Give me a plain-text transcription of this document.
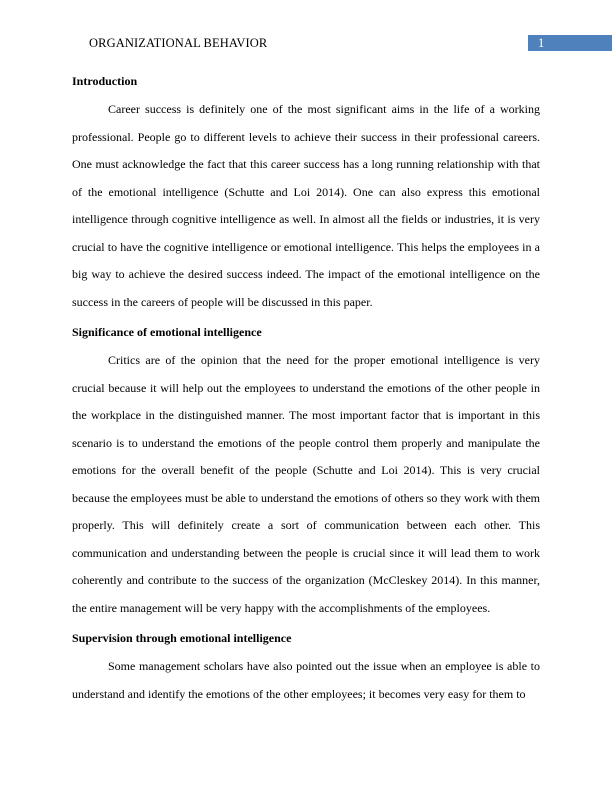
ORGANIZATIONAL BEHAVIOR	1

Introduction

Career success is definitely one of the most significant aims in the life of a working professional. People go to different levels to achieve their success in their professional careers. One must acknowledge the fact that this career success has a long running relationship with that of the emotional intelligence (Schutte and Loi 2014). One can also express this emotional intelligence through cognitive intelligence as well. In almost all the fields or industries, it is very crucial to have the cognitive intelligence or emotional intelligence. This helps the employees in a big way to achieve the desired success indeed. The impact of the emotional intelligence on the success in the careers of people will be discussed in this paper.

Significance of emotional intelligence

Critics are of the opinion that the need for the proper emotional intelligence is very crucial because it will help out the employees to understand the emotions of the other people in the workplace in the distinguished manner. The most important factor that is important in this scenario is to understand the emotions of the people control them properly and manipulate the emotions for the overall benefit of the people (Schutte and Loi 2014). This is very crucial because the employees must be able to understand the emotions of others so they work with them properly. This will definitely create a sort of communication between each other. This communication and understanding between the people is crucial since it will lead them to work coherently and contribute to the success of the organization (McCleskey 2014). In this manner, the entire management will be very happy with the accomplishments of the employees.

Supervision through emotional intelligence

Some management scholars have also pointed out the issue when an employee is able to understand and identify the emotions of the other employees; it becomes very easy for them to
